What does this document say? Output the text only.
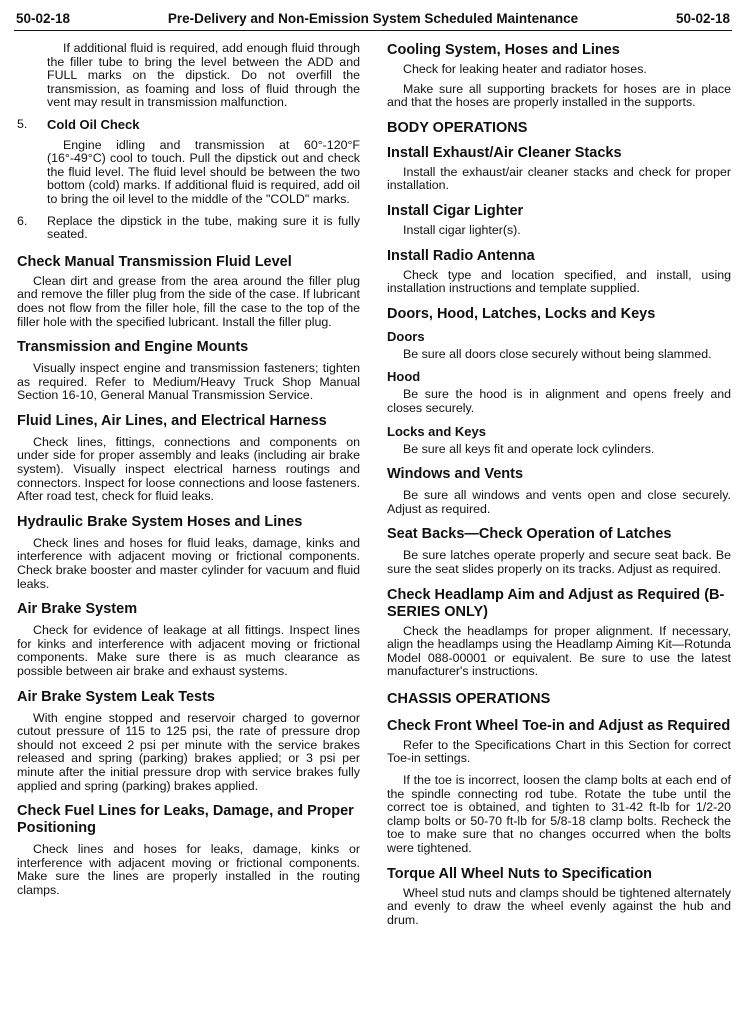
50-02-18	Pre-Delivery and Non-Emission System Scheduled Maintenance	50-02-18

If additional fluid is required, add enough fluid through the filler tube to bring the level between the ADD and FULL marks on the dipstick. Do not overfill the transmission, as foaming and loss of fluid through the vent may result in transmission malfunction.

5.	Cold Oil Check

Engine idling and transmission at 60°-120°F (16°-49°C) cool to touch. Pull the dipstick out and check the fluid level. The fluid level should be between the two bottom (cold) marks. If additional fluid is required, add oil to bring the oil level to the middle of the "COLD" marks.

6.	Replace the dipstick in the tube, making sure it is fully seated.
Check Manual Transmission Fluid Level

Clean dirt and grease from the area around the filler plug and remove the filler plug from the side of the case. If lubricant does not flow from the filler hole, fill the case to the top of the filler hole with the specified lubricant. Install the filler plug.

Transmission and Engine Mounts

Visually inspect engine and transmission fasteners; tighten as required. Refer to Medium/Heavy Truck Shop Manual Section 16-10, General Manual Transmission Service.

Fluid Lines, Air Lines, and Electrical Harness

Check lines, fittings, connections and components on under side for proper assembly and leaks (including air brake system). Visually inspect electrical harness routings and connectors. Inspect for loose connections and loose fasteners. After road test, check for fluid leaks.

Hydraulic Brake System Hoses and Lines

Check lines and hoses for fluid leaks, damage, kinks and interference with adjacent moving or frictional components. Check brake booster and master cylinder for vacuum and fluid leaks.

Air Brake System

Check for evidence of leakage at all fittings. Inspect lines for kinks and interference with adjacent moving or frictional components. Make sure there is as much clearance as possible between air brake and exhaust systems.

Air Brake System Leak Tests

With engine stopped and reservoir charged to governor cutout pressure of 115 to 125 psi, the rate of pressure drop should not exceed 2 psi per minute with the service brakes released and spring (parking) brakes applied; or 3 psi per minute after the initial pressure drop with service brakes fully applied and spring (parking) brakes applied.

Check Fuel Lines for Leaks, Damage, and Proper Positioning

Check lines and hoses for leaks, damage, kinks or interference with adjacent moving or frictional components. Make sure the lines are properly installed in the routing clamps.

Cooling System, Hoses and Lines

Check for leaking heater and radiator hoses.

Make sure all supporting brackets for hoses are in place and that the hoses are properly installed in the supports.

BODY OPERATIONS
Install Exhaust/Air Cleaner Stacks

Install the exhaust/air cleaner stacks and check for proper installation.

Install Cigar Lighter

Install cigar lighter(s).

Install Radio Antenna

Check type and location specified, and install, using installation instructions and template supplied.

Doors, Hood, Latches, Locks and Keys
Doors

Be sure all doors close securely without being slammed.

Hood

Be sure the hood is in alignment and opens freely and closes securely.

Locks and Keys

Be sure all keys fit and operate lock cylinders.

Windows and Vents

Be sure all windows and vents open and close securely. Adjust as required.

Seat Backs—Check Operation of Latches

Be sure latches operate properly and secure seat back. Be sure the seat slides properly on its tracks. Adjust as required.

Check Headlamp Aim and Adjust as Required (B-SERIES ONLY)

Check the headlamps for proper alignment. If necessary, align the headlamps using the Headlamp Aiming Kit—Rotunda Model 088-00001 or equivalent. Be sure to use the latest manufacturer's instructions.

CHASSIS OPERATIONS
Check Front Wheel Toe-in and Adjust as Required

Refer to the Specifications Chart in this Section for correct Toe-in settings.

If the toe is incorrect, loosen the clamp bolts at each end of the spindle connecting rod tube. Rotate the tube until the correct toe is obtained, and tighten to 31-42 ft-lb for 1/2-20 clamp bolts or 50-70 ft-lb for 5/8-18 clamp bolts. Recheck the toe to make sure that no changes occurred when the bolts were tightened.

Torque All Wheel Nuts to Specification

Wheel stud nuts and clamps should be tightened alternately and evenly to draw the wheel evenly against the hub and drum.
